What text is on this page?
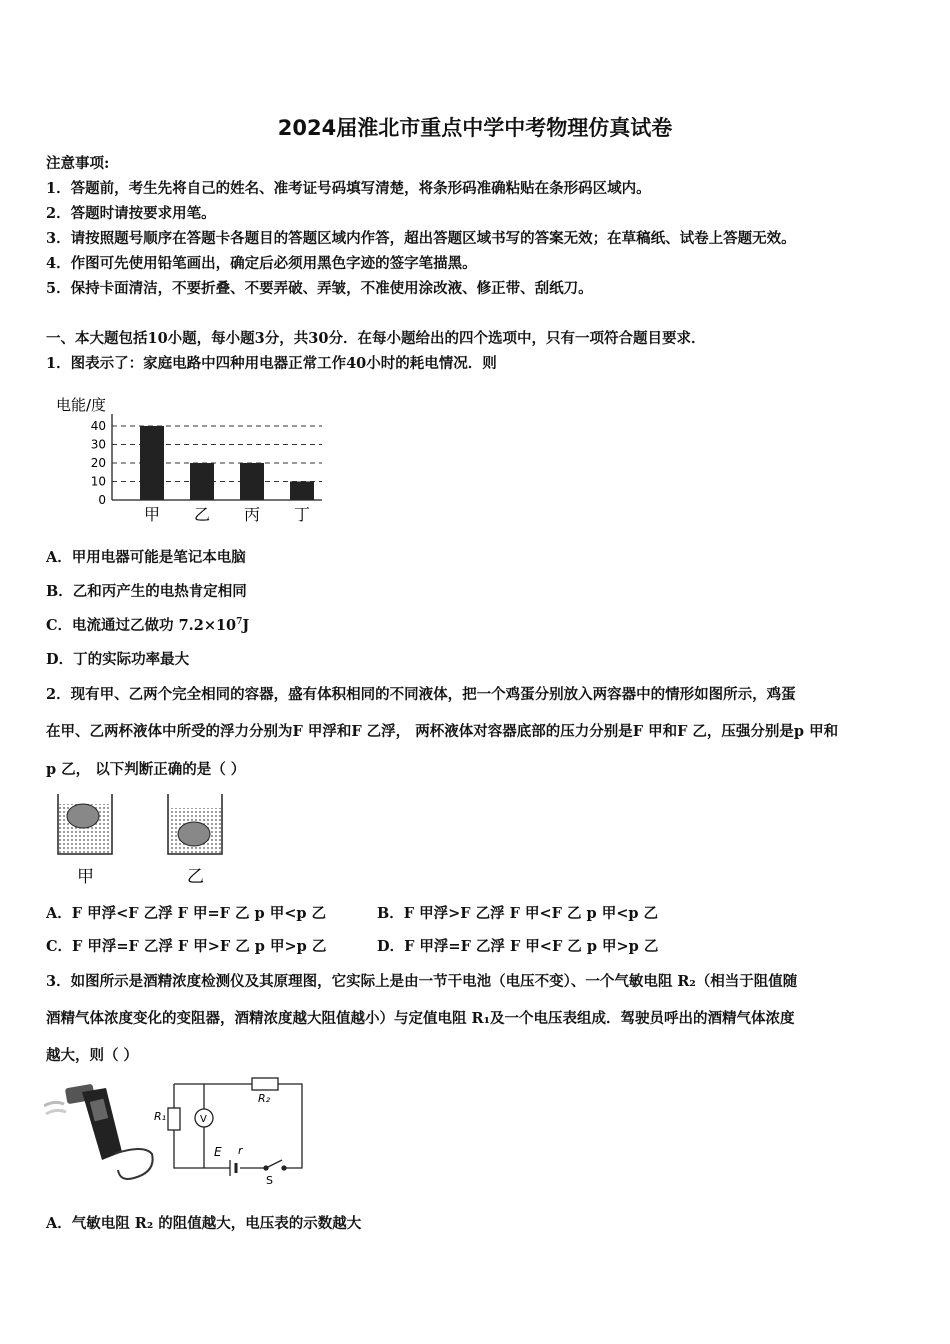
2024届淮北市重点中学中考物理仿真试卷
注意事项:
1．答题前，考生先将自己的姓名、准考证号码填写清楚，将条形码准确粘贴在条形码区域内。
2．答题时请按要求用笔。
3．请按照题号顺序在答题卡各题目的答题区域内作答，超出答题区域书写的答案无效；在草稿纸、试卷上答题无效。
4．作图可先使用铅笔画出，确定后必须用黑色字迹的签字笔描黑。
5．保持卡面清洁，不要折叠、不要弄破、弄皱，不准使用涂改液、修正带、刮纸刀。
一、本大题包括10小题，每小题3分，共30分．在每小题给出的四个选项中，只有一项符合题目要求．
1．图表示了：家庭电路中四种用电器正常工作40小时的耗电情况．则
电能/度
40
30
20
10
0
甲 乙 丙 丁
A．甲用电器可能是笔记本电脑
B．乙和丙产生的电热肯定相同
C．电流通过乙做功 $7.2\times 10^7J$
D．丁的实际功率最大
2．现有甲、乙两个完全相同的容器，盛有体积相同的不同液体，把一个鸡蛋分别放入两容器中的情形如图所示，鸡蛋
在甲、乙两杯液体中所受的浮力分别为F 甲浮和F 乙浮， 两杯液体对容器底部的压力分别是F 甲和F 乙，压强分别是p 甲和
p 乙， 以下判断正确的是（ ）
甲	乙
A．F 甲浮<F 乙浮 F 甲=F 乙 p 甲<p 乙	B．F 甲浮>F 乙浮 F 甲<F 乙 p 甲<p 乙
C．F 甲浮=F 乙浮 F 甲>F 乙 p 甲>p 乙	D．F 甲浮=F 乙浮 F 甲<F 乙 p 甲>p 乙
3．如图所示是酒精浓度检测仪及其原理图，它实际上是由一节干电池（电压不变）、一个气敏电阻 R₂（相当于阻值随
酒精气体浓度变化的变阻器，酒精浓度越大阻值越小）与定值电阻 R₁及一个电压表组成．驾驶员呼出的酒精气体浓度
越大，则（ ）
R₁
R₂
V
E r
S
A．气敏电阻 R₂ 的阻值越大，电压表的示数越大
